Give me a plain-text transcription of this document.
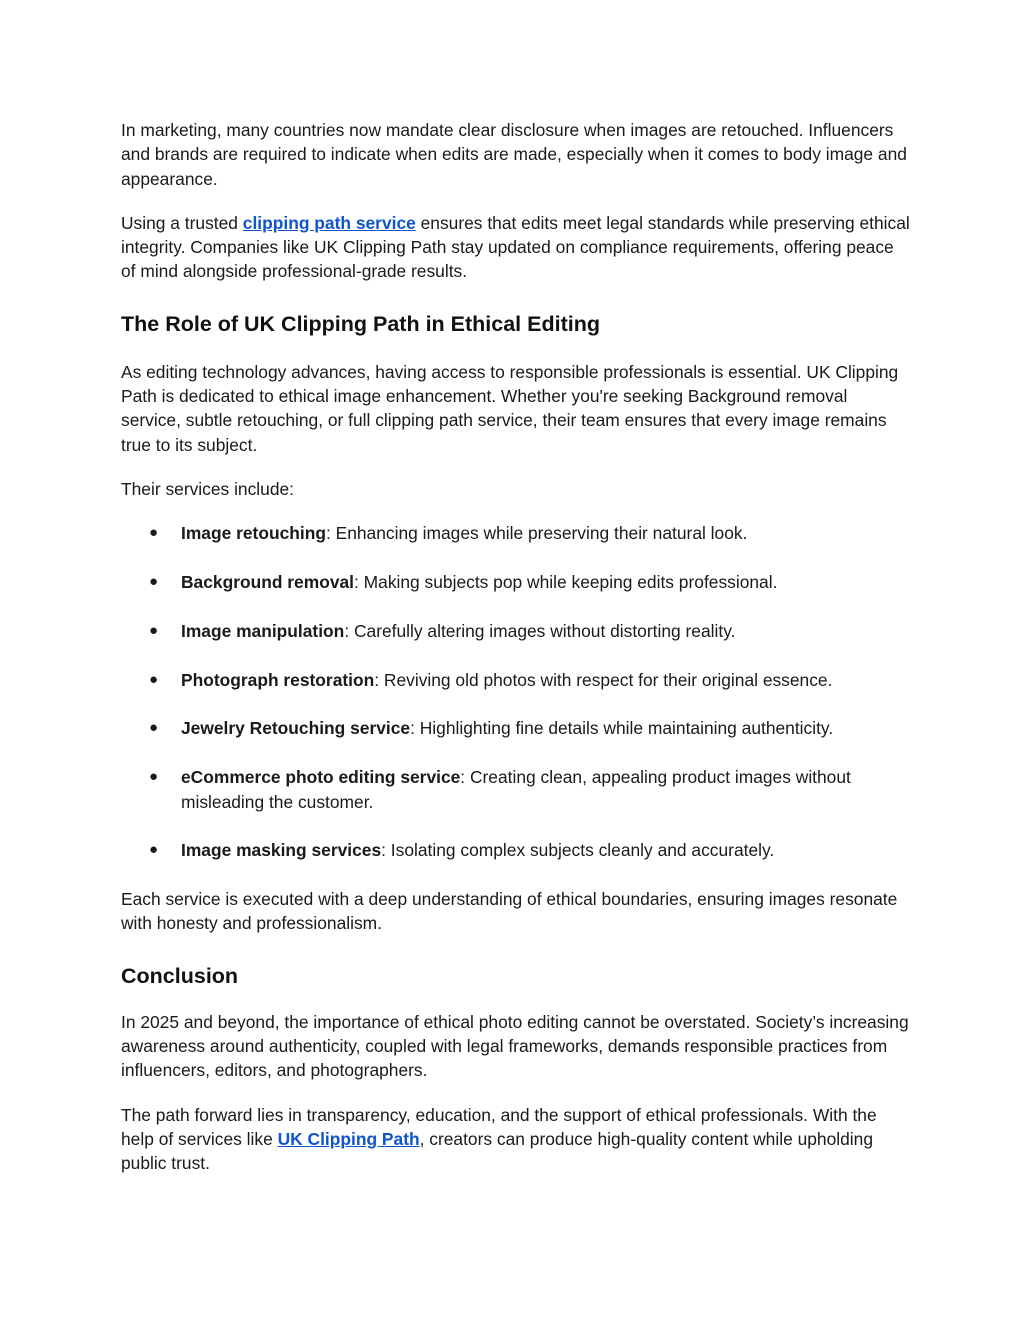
In marketing, many countries now mandate clear disclosure when images are retouched. Influencers and brands are required to indicate when edits are made, especially when it comes to body image and appearance.

Using a trusted clipping path service ensures that edits meet legal standards while preserving ethical integrity. Companies like UK Clipping Path stay updated on compliance requirements, offering peace of mind alongside professional-grade results.

The Role of UK Clipping Path in Ethical Editing

As editing technology advances, having access to responsible professionals is essential. UK Clipping Path is dedicated to ethical image enhancement. Whether you're seeking Background removal service, subtle retouching, or full clipping path service, their team ensures that every image remains true to its subject.

Their services include:

● Image retouching: Enhancing images while preserving their natural look.
● Background removal: Making subjects pop while keeping edits professional.
● Image manipulation: Carefully altering images without distorting reality.
● Photograph restoration: Reviving old photos with respect for their original essence.
● Jewelry Retouching service: Highlighting fine details while maintaining authenticity.
● eCommerce photo editing service: Creating clean, appealing product images without misleading the customer.
● Image masking services: Isolating complex subjects cleanly and accurately.

Each service is executed with a deep understanding of ethical boundaries, ensuring images resonate with honesty and professionalism.

Conclusion

In 2025 and beyond, the importance of ethical photo editing cannot be overstated. Society’s increasing awareness around authenticity, coupled with legal frameworks, demands responsible practices from influencers, editors, and photographers.

The path forward lies in transparency, education, and the support of ethical professionals. With the help of services like UK Clipping Path, creators can produce high-quality content while upholding public trust.
